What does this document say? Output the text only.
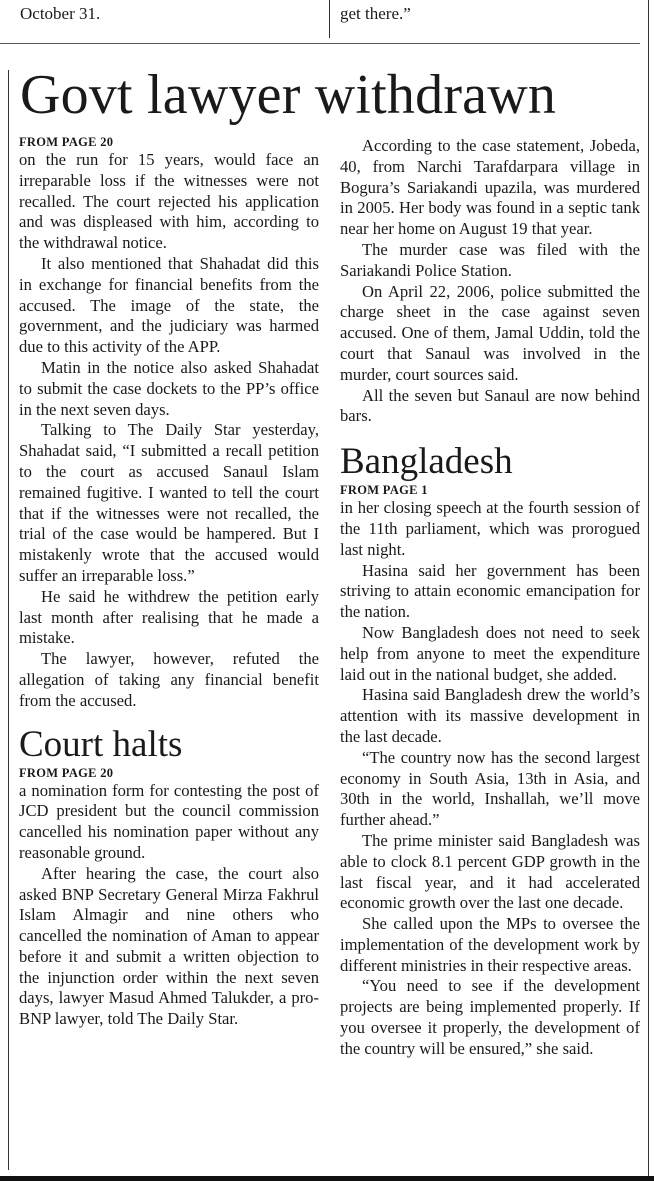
October 31.	get there.”
Govt lawyer withdrawn
FROM PAGE 20

on the run for 15 years, would face an irreparable loss if the witnesses were not recalled. The court rejected his application and was displeased with him, according to the withdrawal notice.

It also mentioned that Shahadat did this in exchange for financial benefits from the accused. The image of the state, the government, and the judiciary was harmed due to this activity of the APP.

Matin in the notice also asked Shahadat to submit the case dockets to the PP’s office in the next seven days.

Talking to The Daily Star yesterday, Shahadat said, “I submitted a recall petition to the court as accused Sanaul Islam remained fugitive. I wanted to tell the court that if the witnesses were not recalled, the trial of the case would be hampered. But I mistakenly wrote that the accused would suffer an irreparable loss.”

He said he withdrew the petition early last month after realising that he made a mistake.

The lawyer, however, refuted the allegation of taking any financial benefit from the accused.

Court halts
FROM PAGE 20

a nomination form for contesting the post of JCD president but the council commission cancelled his nomination paper without any reasonable ground.

After hearing the case, the court also asked BNP Secretary General Mirza Fakhrul Islam Almagir and nine others who cancelled the nomination of Aman to appear before it and submit a written objection to the injunction order within the next seven days, lawyer Masud Ahmed Talukder, a pro-BNP lawyer, told The Daily Star.

According to the case statement, Jobeda, 40, from Narchi Tarafdarpara village in Bogura’s Sariakandi upazila, was murdered in 2005. Her body was found in a septic tank near her home on August 19 that year.

The murder case was filed with the Sariakandi Police Station.

On April 22, 2006, police submitted the charge sheet in the case against seven accused. One of them, Jamal Uddin, told the court that Sanaul was involved in the murder, court sources said.

All the seven but Sanaul are now behind bars.

Bangladesh
FROM PAGE 1

in her closing speech at the fourth session of the 11th parliament, which was prorogued last night.

Hasina said her government has been striving to attain economic emancipation for the nation.

Now Bangladesh does not need to seek help from anyone to meet the expenditure laid out in the national budget, she added.

Hasina said Bangladesh drew the world’s attention with its massive development in the last decade.

“The country now has the second largest economy in South Asia, 13th in Asia, and 30th in the world, Inshallah, we’ll move further ahead.”

The prime minister said Bangladesh was able to clock 8.1 percent GDP growth in the last fiscal year, and it had accelerated economic growth over the last one decade.

She called upon the MPs to oversee the implementation of the development work by different ministries in their respective areas.

“You need to see if the development projects are being implemented properly. If you oversee it properly, the development of the country will be ensured,” she said.
